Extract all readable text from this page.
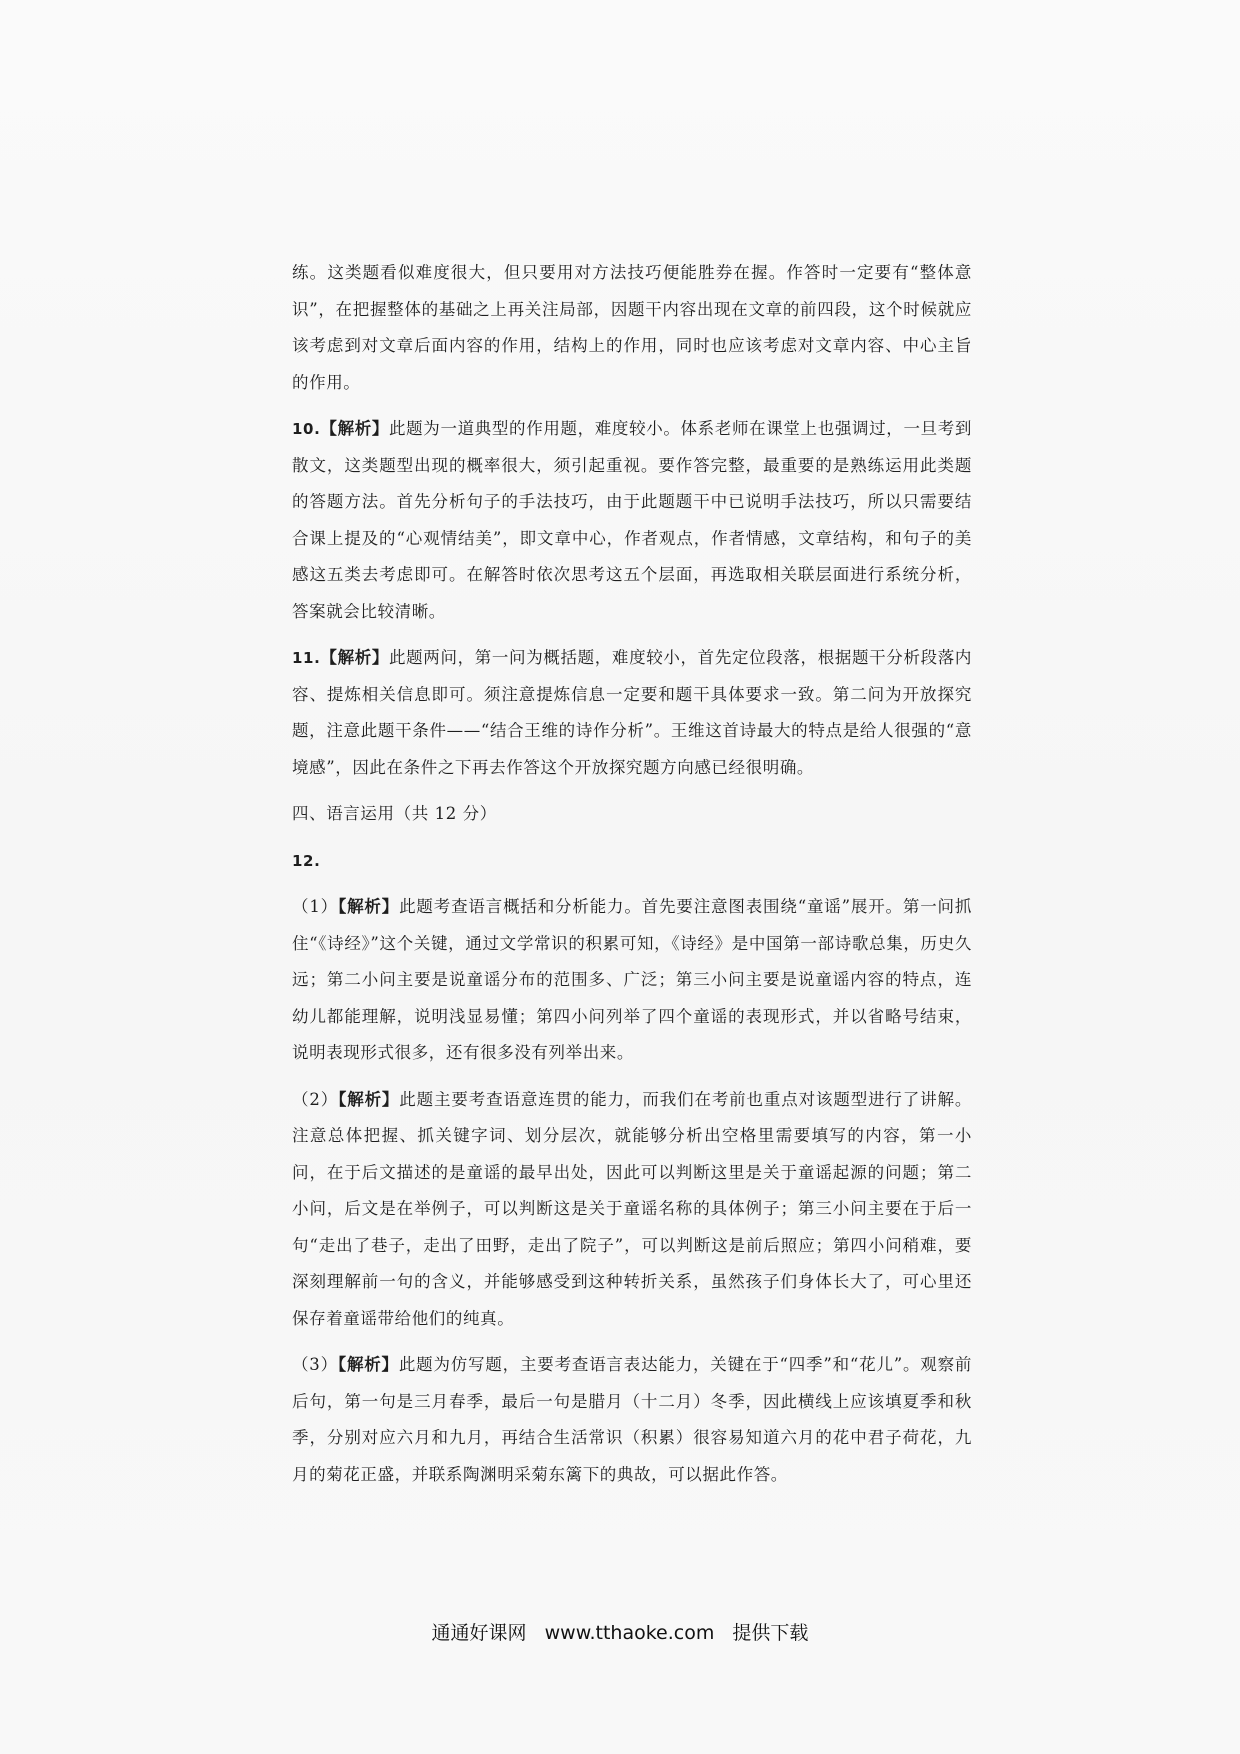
练。这类题看似难度很大，但只要用对方法技巧便能胜券在握。作答时一定要有“整体意识”，在把握整体的基础之上再关注局部，因题干内容出现在文章的前四段，这个时候就应该考虑到对文章后面内容的作用，结构上的作用，同时也应该考虑对文章内容、中心主旨的作用。

10.【解析】此题为一道典型的作用题，难度较小。体系老师在课堂上也强调过，一旦考到散文，这类题型出现的概率很大，须引起重视。要作答完整，最重要的是熟练运用此类题的答题方法。首先分析句子的手法技巧，由于此题题干中已说明手法技巧，所以只需要结合课上提及的“心观情结美”，即文章中心，作者观点，作者情感，文章结构，和句子的美感这五类去考虑即可。在解答时依次思考这五个层面，再选取相关联层面进行系统分析，答案就会比较清晰。

11.【解析】此题两问，第一问为概括题，难度较小，首先定位段落，根据题干分析段落内容、提炼相关信息即可。须注意提炼信息一定要和题干具体要求一致。第二问为开放探究题，注意此题干条件——“结合王维的诗作分析”。王维这首诗最大的特点是给人很强的“意境感”，因此在条件之下再去作答这个开放探究题方向感已经很明确。

四、语言运用（共 12 分）

12.

（1）【解析】此题考查语言概括和分析能力。首先要注意图表围绕“童谣”展开。第一问抓住“《诗经》”这个关键，通过文学常识的积累可知，《诗经》是中国第一部诗歌总集，历史久远；第二小问主要是说童谣分布的范围多、广泛；第三小问主要是说童谣内容的特点，连幼儿都能理解，说明浅显易懂；第四小问列举了四个童谣的表现形式，并以省略号结束，说明表现形式很多，还有很多没有列举出来。

（2）【解析】此题主要考查语意连贯的能力，而我们在考前也重点对该题型进行了讲解。注意总体把握、抓关键字词、划分层次，就能够分析出空格里需要填写的内容，第一小问，在于后文描述的是童谣的最早出处，因此可以判断这里是关于童谣起源的问题；第二小问，后文是在举例子，可以判断这是关于童谣名称的具体例子；第三小问主要在于后一句“走出了巷子，走出了田野，走出了院子”，可以判断这是前后照应；第四小问稍难，要深刻理解前一句的含义，并能够感受到这种转折关系，虽然孩子们身体长大了，可心里还保存着童谣带给他们的纯真。

（3）【解析】此题为仿写题，主要考查语言表达能力，关键在于“四季”和“花儿”。观察前后句，第一句是三月春季，最后一句是腊月（十二月）冬季，因此横线上应该填夏季和秋季，分别对应六月和九月，再结合生活常识（积累）很容易知道六月的花中君子荷花，九月的菊花正盛，并联系陶渊明采菊东篱下的典故，可以据此作答。

通通好课网 www.tthaoke.com 提供下载
